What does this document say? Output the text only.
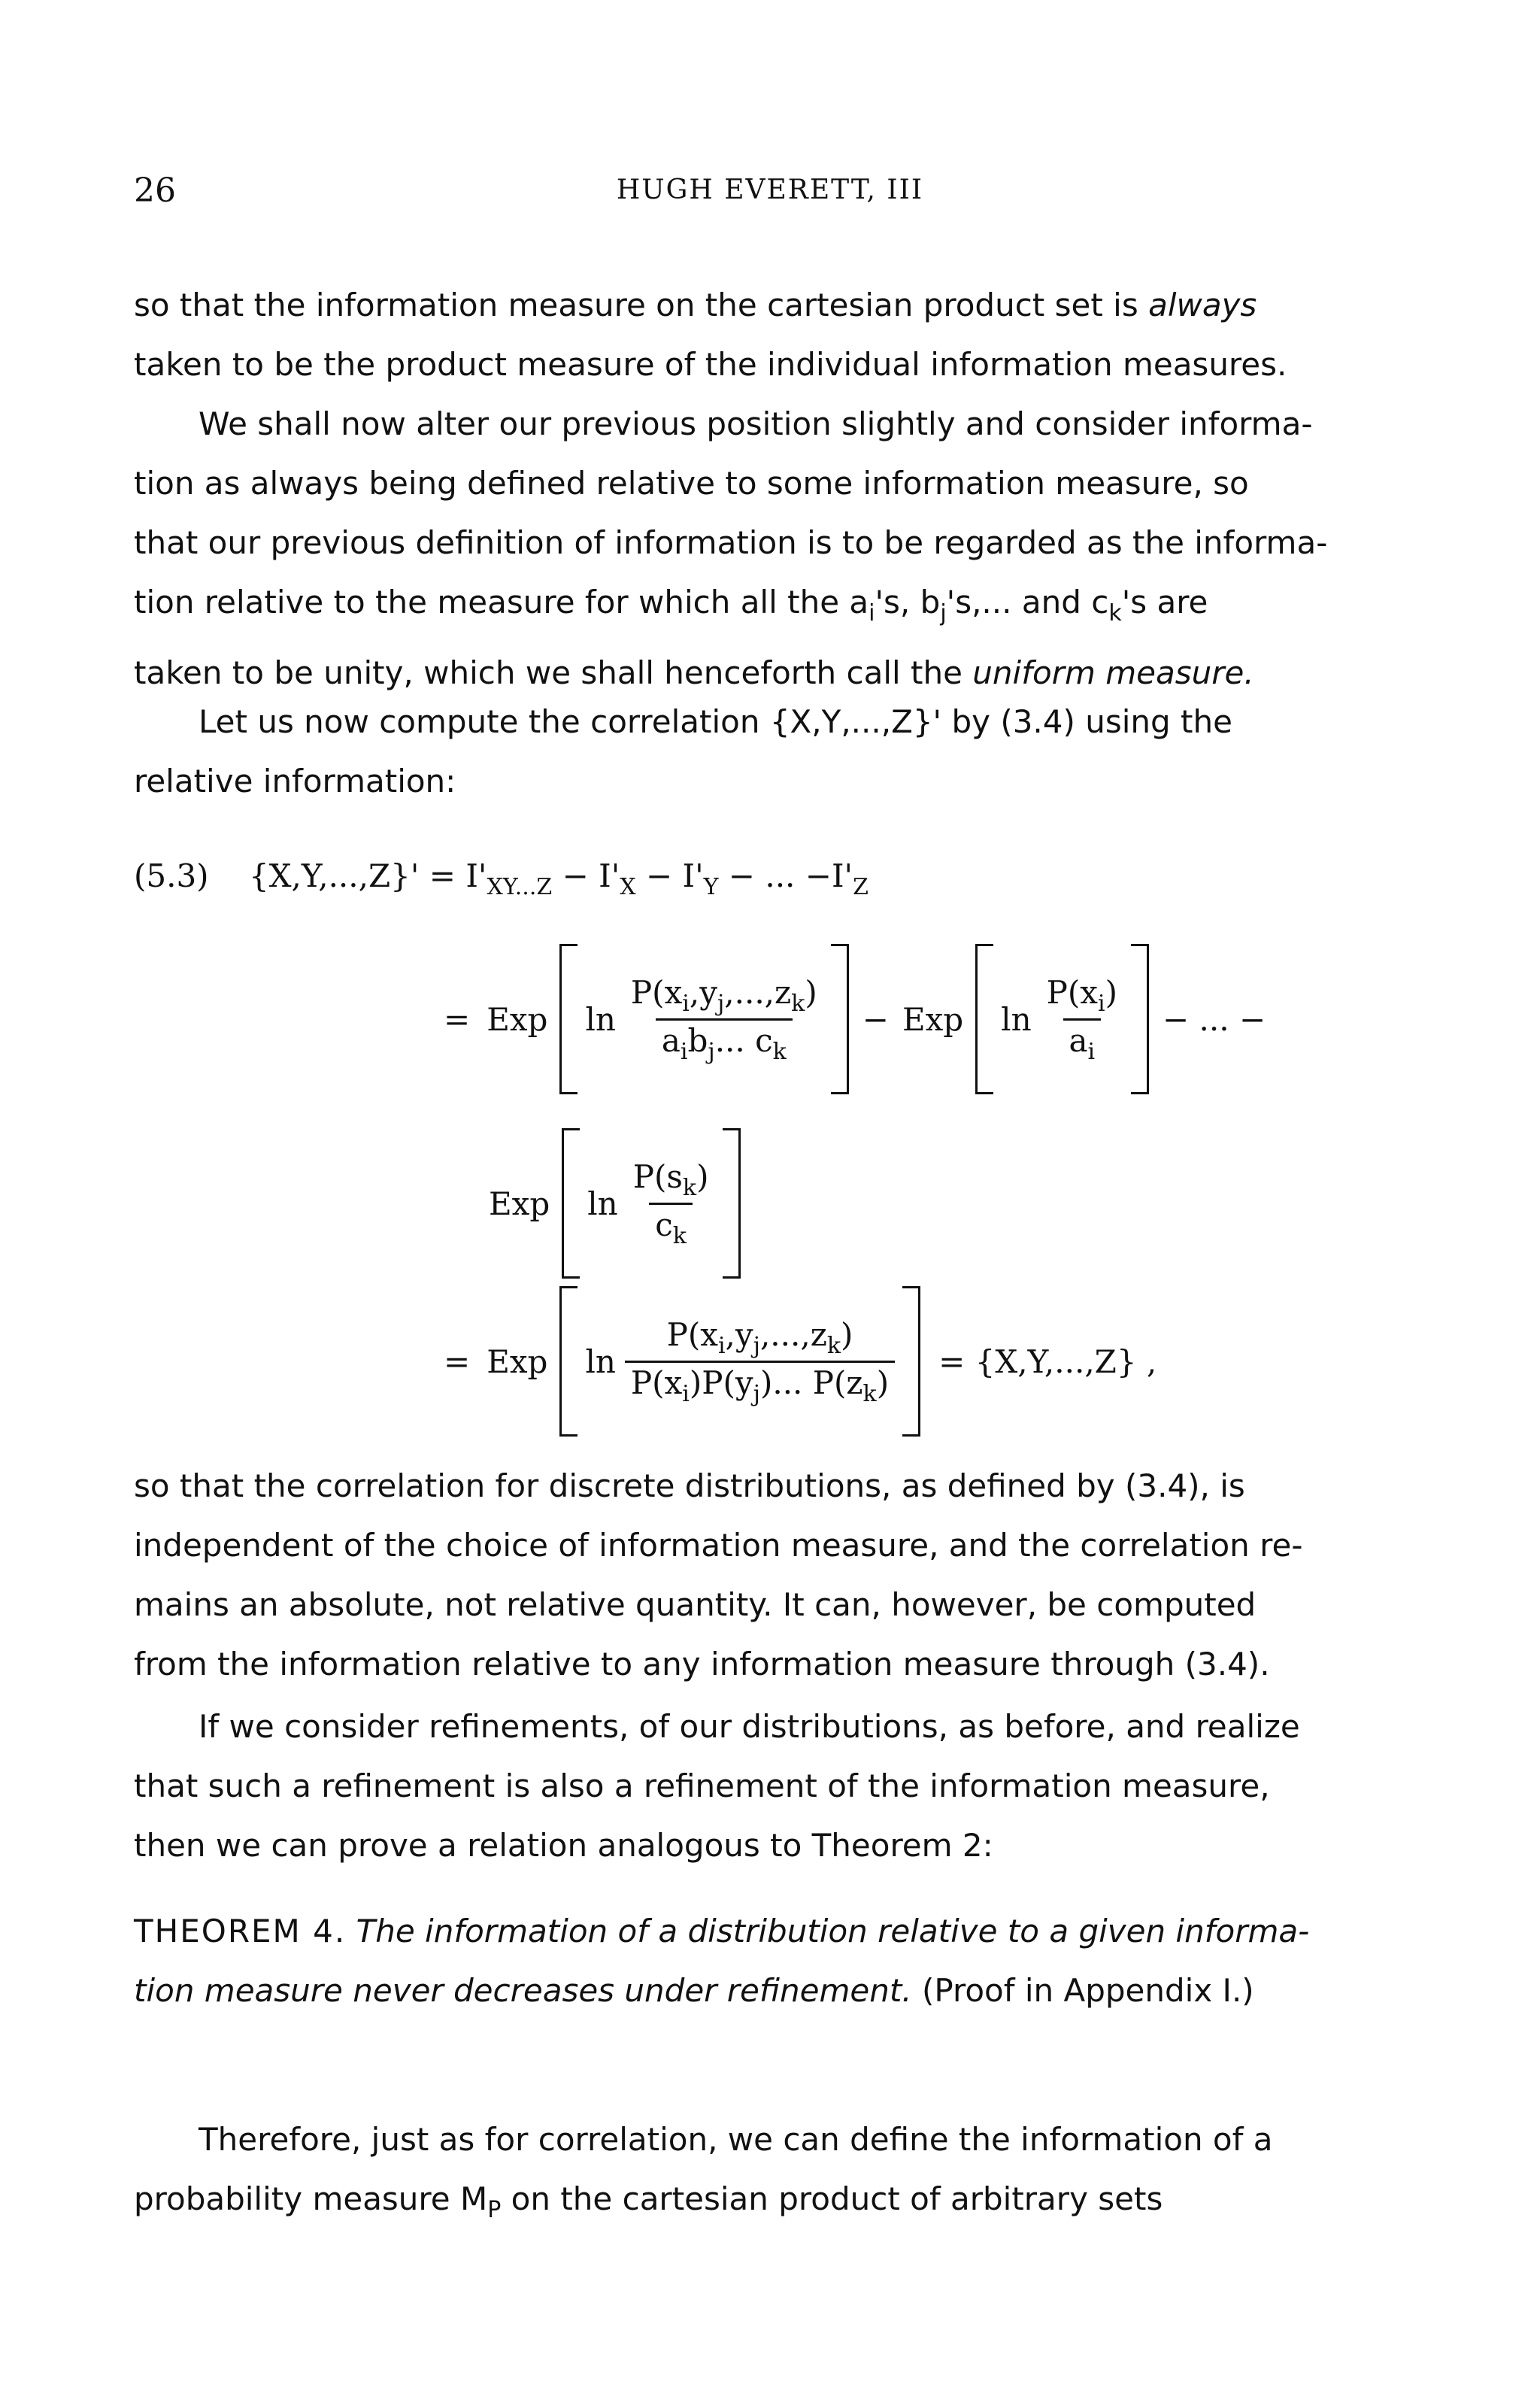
26	HUGH EVERETT, III
so that the information measure on the cartesian product set is always
taken to be the product measure of the individual information measures.
We shall now alter our previous position slightly and consider informa-
tion as always being defined relative to some information measure, so
that our previous definition of information is to be regarded as the informa-
tion relative to the measure for which all the $a_i's$, $b_j's$,... and $c_k's$ are
taken to be unity, which we shall henceforth call the uniform measure.
Let us now compute the correlation {X,Y,...,Z}' by (3.4) using the
relative information:
(5.3) $\{X,Y,...,Z\}' = I'_{XY...Z} - I'_X - I'_Y$ − ... $-I'_Z$
= Exp $\ln \frac{P(x_i,y_j,...,z_k)}{a_ib_j... c_k}$ − Exp $\ln \frac{P(x_i)}{a_i}$ − ... −
Exp $\ln \frac{P(s_k)}{c_k}$
= Exp $\ln \frac{P(x_i,y_j,...,z_k)}{P(x_i)P(y_j)... P(z_k)} = \{X,Y,...,Z\}$ ,
so that the correlation for discrete distributions, as defined by (3.4), is
independent of the choice of information measure, and the correlation re-
mains an absolute, not relative quantity. It can, however, be computed
from the information relative to any information measure through (3.4).
If we consider refinements, of our distributions, as before, and realize
that such a refinement is also a refinement of the information measure,
then we can prove a relation analogous to Theorem 2:
THEOREM 4. The information of a distribution relative to a given informa-
tion measure never decreases under refinement. (Proof in Appendix I.)
Therefore, just as for correlation, we can define the information of a
probability measure $M_P$ on the cartesian product of arbitrary sets
